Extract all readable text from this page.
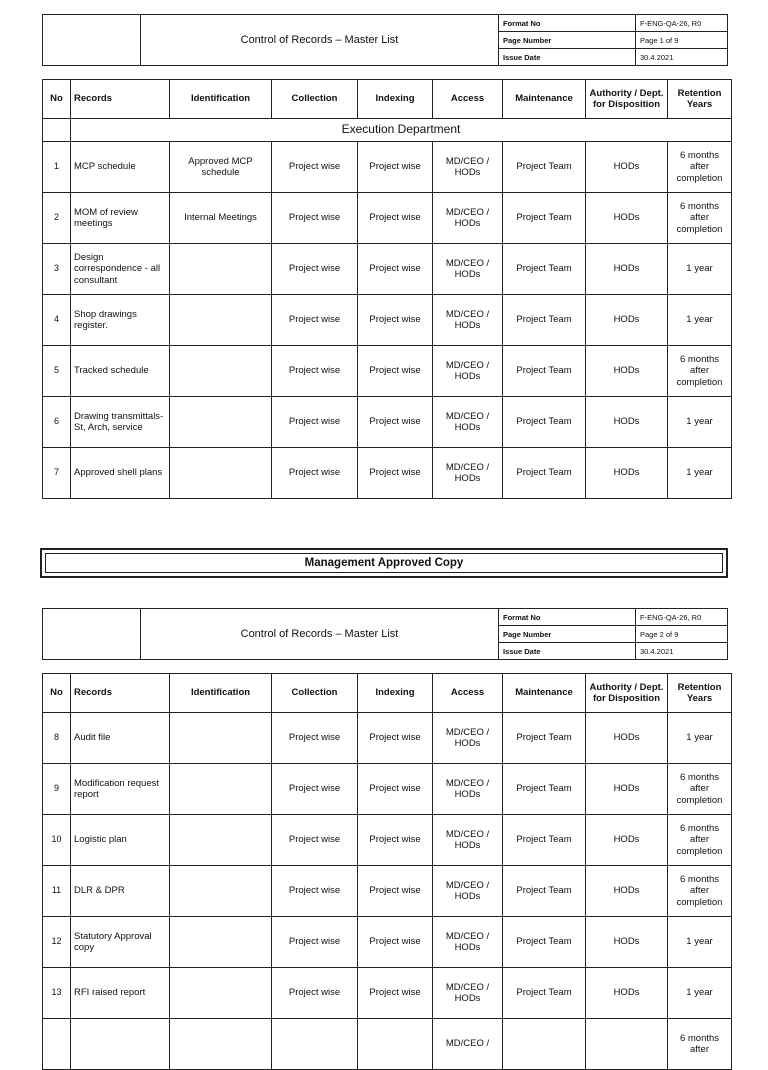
	Control of Records – Master List	Format No	F-ENG-QA-26, R0
		Page Number	Page 1 of 9
		Issue Date	30.4.2021
No	Records	Identification	Collection	Indexing	Access	Maintenance	Authority / Dept. for Disposition	Retention Years
	Execution Department							
1	MCP schedule	Approved MCP schedule	Project wise	Project wise	MD/CEO / HODs	Project Team	HODs	6 months after completion
2	MOM of review meetings	Internal Meetings	Project wise	Project wise	MD/CEO / HODs	Project Team	HODs	6 months after completion
3	Design correspondence - all consultant		Project wise	Project wise	MD/CEO / HODs	Project Team	HODs	1 year
4	Shop drawings register.		Project wise	Project wise	MD/CEO / HODs	Project Team	HODs	1 year
5	Tracked schedule		Project wise	Project wise	MD/CEO / HODs	Project Team	HODs	6 months after completion
6	Drawing transmittals- St, Arch, service		Project wise	Project wise	MD/CEO / HODs	Project Team	HODs	1 year
7	Approved shell plans		Project wise	Project wise	MD/CEO / HODs	Project Team	HODs	1 year
Management Approved Copy
	Control of Records – Master List	Format No	F-ENG-QA-26, R0
		Page Number	Page 2 of 9
		Issue Date	30.4.2021
No	Records	Identification	Collection	Indexing	Access	Maintenance	Authority / Dept. for Disposition	Retention Years
8	Audit file		Project wise	Project wise	MD/CEO / HODs	Project Team	HODs	1 year
9	Modification request report		Project wise	Project wise	MD/CEO / HODs	Project Team	HODs	6 months after completion
10	Logistic plan		Project wise	Project wise	MD/CEO / HODs	Project Team	HODs	6 months after completion
11	DLR & DPR		Project wise	Project wise	MD/CEO / HODs	Project Team	HODs	6 months after completion
12	Statutory Approval copy		Project wise	Project wise	MD/CEO / HODs	Project Team	HODs	1 year
13	RFI raised report		Project wise	Project wise	MD/CEO / HODs	Project Team	HODs	1 year
					MD/CEO /			6 months after
